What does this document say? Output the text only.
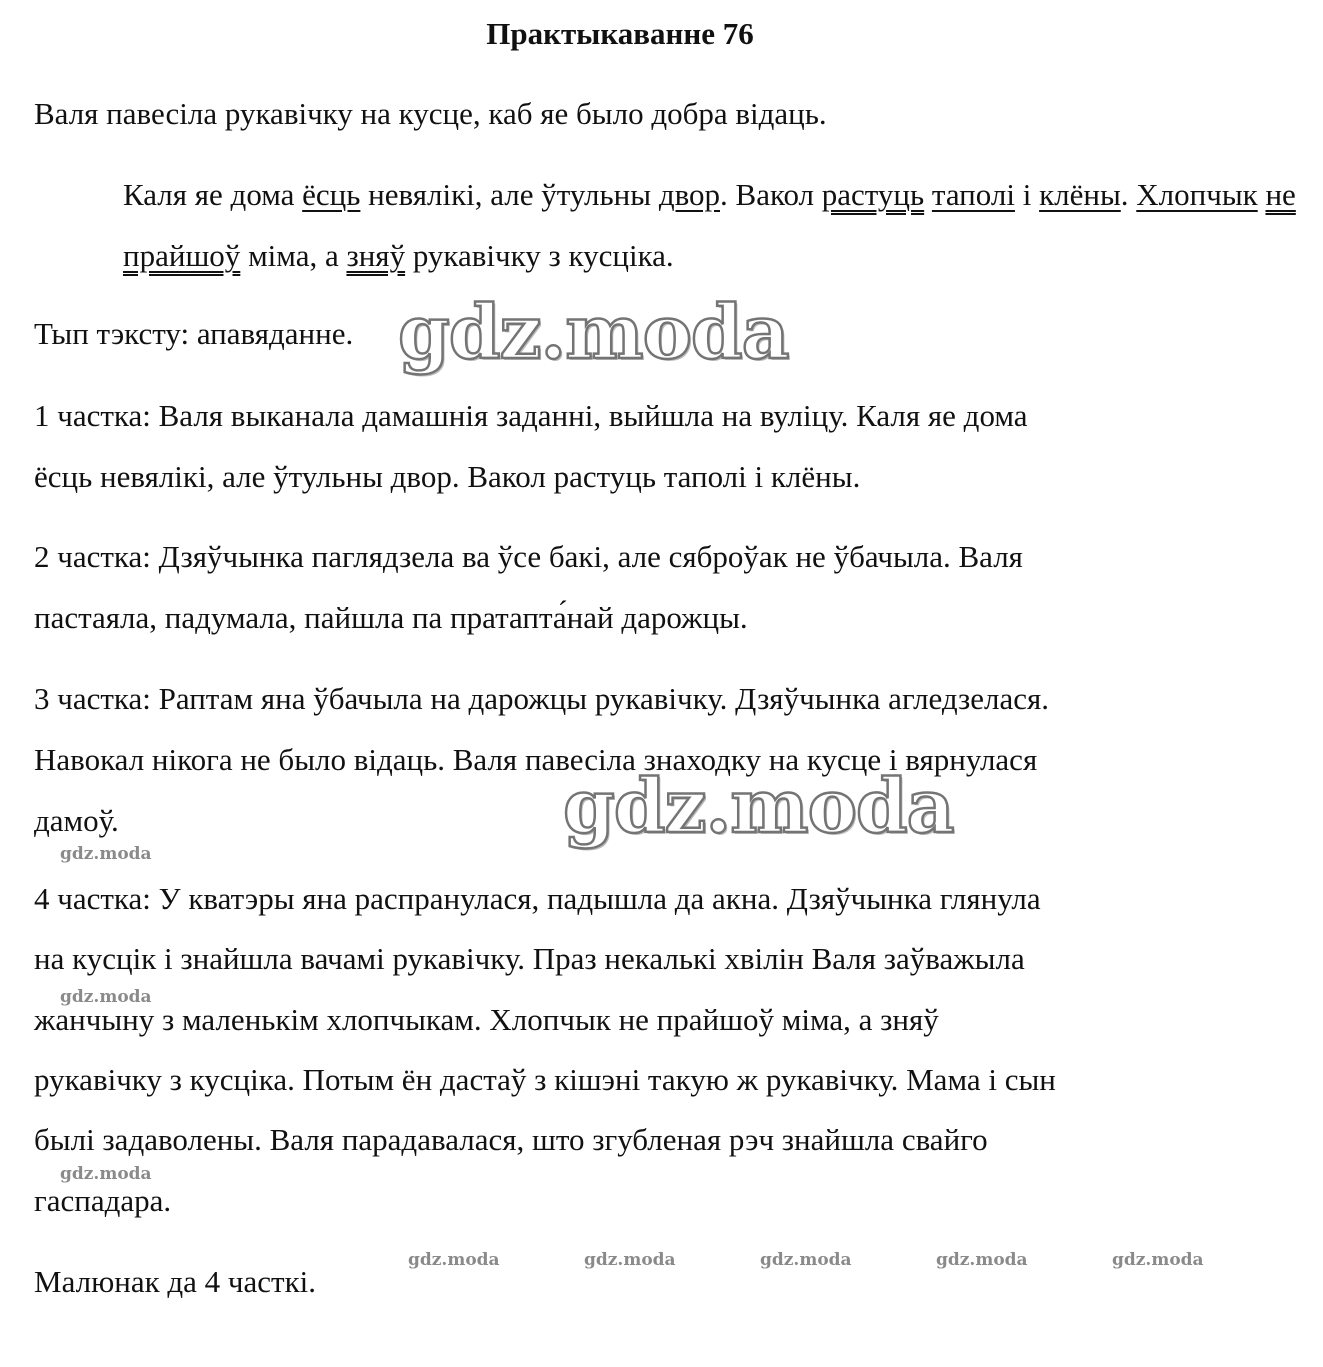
Практыкаванне 76

Валя павесіла рукавічку на кусце, каб яе было добра відаць.

Каля яе дома ёсць невялікі, але ўтульны двор. Вакол растуць таполі і клёны. Хлопчык не прайшоў міма, а зняў рукавічку з кусціка.

Тып тэксту: апавяданне.

1 частка: Валя выканала дамашнія заданні, выйшла на вуліцу. Каля яе дома

ёсць невялікі, але ўтульны двор. Вакол растуць таполі і клёны.

2 частка: Дзяўчынка паглядзела ва ўсе бакі, але сяброўак не ўбачыла. Валя

пастаяла, падумала, пайшла па пратапта́най дарожцы.

3 частка: Раптам яна ўбачыла на дарожцы рукавічку. Дзяўчынка агледзелася.

Навокал нікога не было відаць. Валя павесіла знаходку на кусце і вярнулася

дамоў.

4 частка: У кватэры яна распранулася, падышла да акна. Дзяўчынка глянула

на кусцік і знайшла вачамі рукавічку. Праз некалькі хвілін Валя заўважыла

жанчыну з маленькім хлопчыкам. Хлопчык не прайшоў міма, а зняў

рукавічку з кусціка. Потым ён дастаў з кішэні такую ж рукавічку. Мама і сын

былі задаволены. Валя парадавалася, што згубленая рэч знайшла свайго

гаспадара.

Малюнак да 4 часткі.

gdz.moda
gdz.moda
gdz.moda
gdz.moda
gdz.moda
gdz.moda	gdz.moda	gdz.moda	gdz.moda	gdz.moda
